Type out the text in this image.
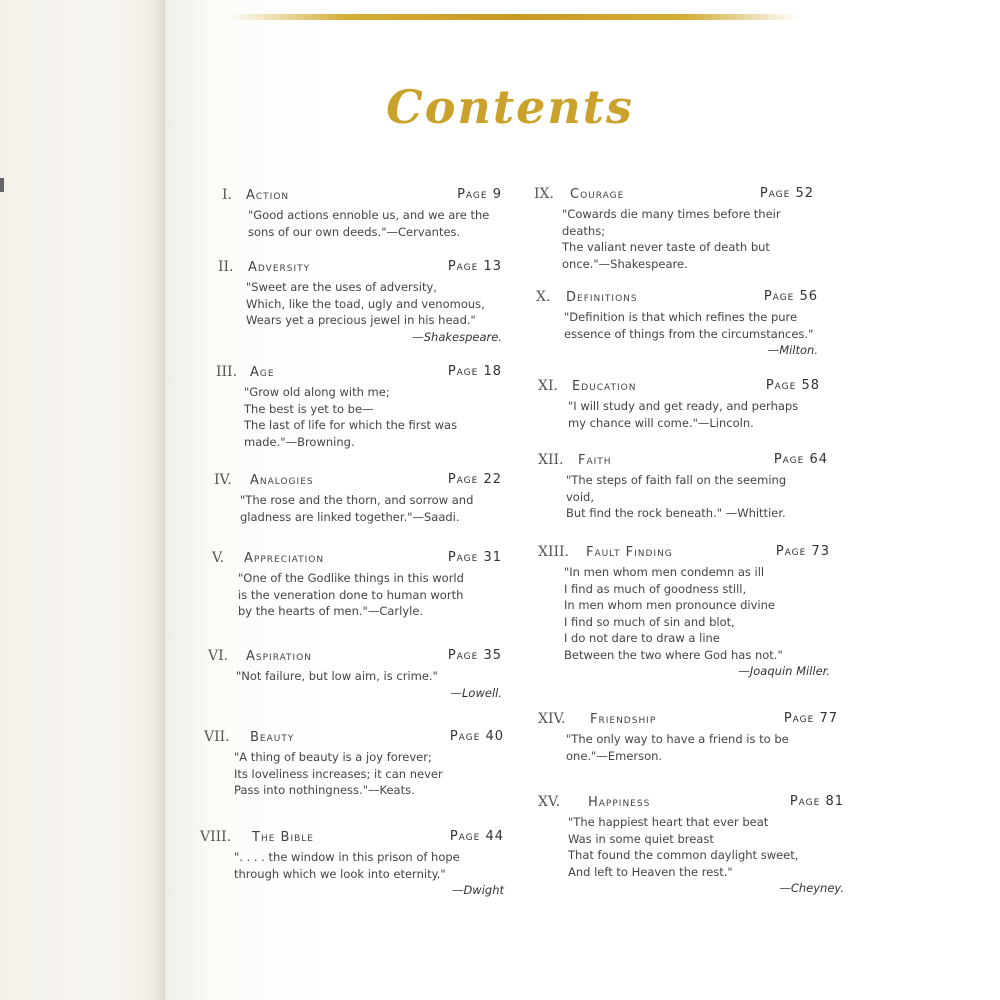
Contents
I. Action	Page 9
"Good actions ennoble us, and we are the
sons of our own deeds."—Cervantes.
II. Adversity	Page 13
"Sweet are the uses of adversity,
Which, like the toad, ugly and venomous,
Wears yet a precious jewel in his head."
—Shakespeare.
III. Age	Page 18
"Grow old along with me;
The best is yet to be—
The last of life for which the first was
made."—Browning.
IV. Analogies	Page 22
"The rose and the thorn, and sorrow and
gladness are linked together."—Saadi.
V. Appreciation	Page 31
"One of the Godlike things in this world
is the veneration done to human worth
by the hearts of men."—Carlyle.
VI. Aspiration	Page 35
"Not failure, but low aim, is crime."
—Lowell.
VII. Beauty	Page 40
"A thing of beauty is a joy forever;
Its loveliness increases; it can never
Pass into nothingness."—Keats.
VIII. The Bible	Page 44
". . . . the window in this prison of hope
through which we look into eternity."
—Dwight
IX. Courage	Page 52
"Cowards die many times before their
deaths;
The valiant never taste of death but
once."—Shakespeare.
X. Definitions	Page 56
"Definition is that which refines the pure
essence of things from the circumstances."
—Milton.
XI. Education	Page 58
"I will study and get ready, and perhaps
my chance will come."—Lincoln.
XII. Faith	Page 64
"The steps of faith fall on the seeming
void,
But find the rock beneath." —Whittier.
XIII. Fault Finding	Page 73
"In men whom men condemn as ill
I find as much of goodness still,
In men whom men pronounce divine
I find so much of sin and blot,
I do not dare to draw a line
Between the two where God has not."
—Joaquin Miller.
XIV. Friendship	Page 77
"The only way to have a friend is to be
one."—Emerson.
XV. Happiness	Page 81
"The happiest heart that ever beat
Was in some quiet breast
That found the common daylight sweet,
And left to Heaven the rest."
—Cheyney.
